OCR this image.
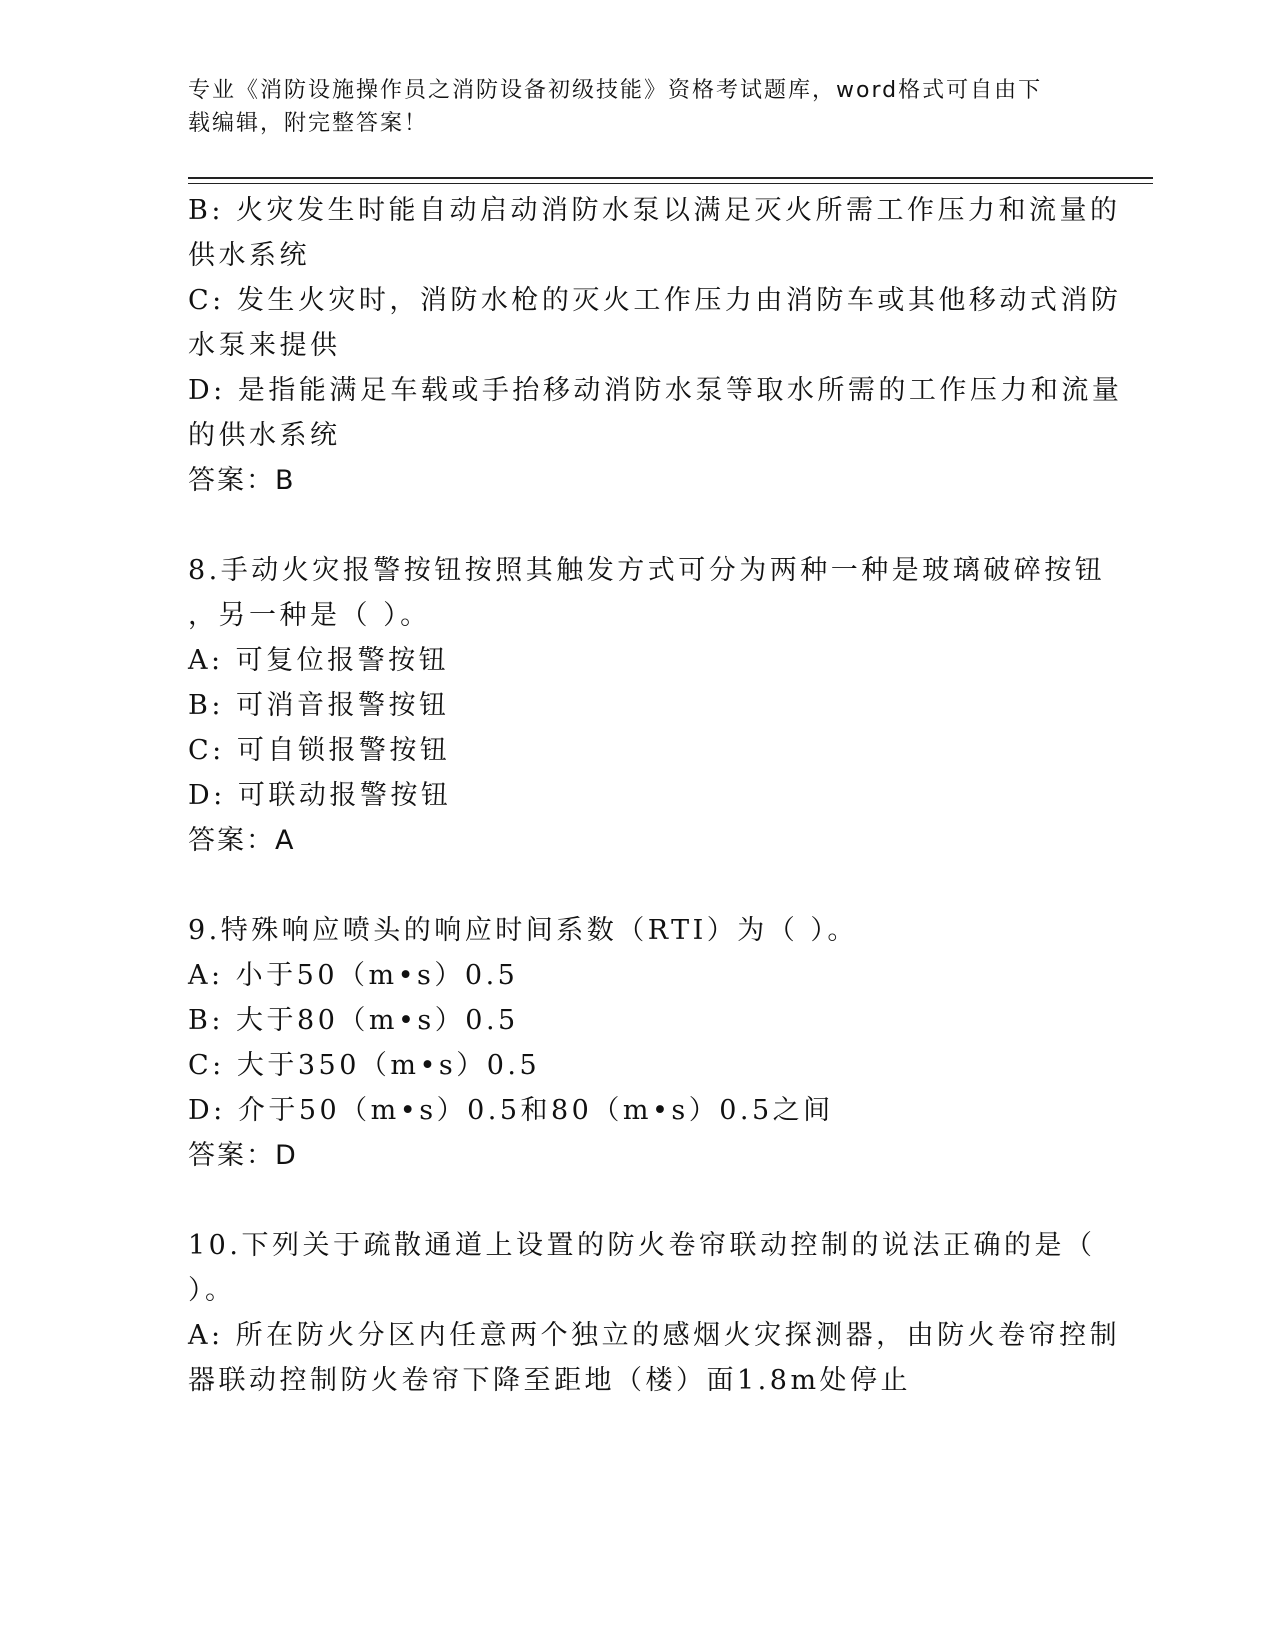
专业《消防设施操作员之消防设备初级技能》资格考试题库，word格式可自由下
载编辑，附完整答案！
B: 火灾发生时能自动启动消防水泵以满足灭火所需工作压力和流量的
供水系统
C: 发生火灾时，消防水枪的灭火工作压力由消防车或其他移动式消防
水泵来提供
D: 是指能满足车载或手抬移动消防水泵等取水所需的工作压力和流量
的供水系统
答案：B
8.手动火灾报警按钮按照其触发方式可分为两种一种是玻璃破碎按钮
，另一种是（ ）。
A: 可复位报警按钮
B: 可消音报警按钮
C: 可自锁报警按钮
D: 可联动报警按钮
答案：A
9.特殊响应喷头的响应时间系数（RTI）为（ ）。
A: 小于50（m•s）0.5
B: 大于80（m•s）0.5
C: 大于350（m•s）0.5
D: 介于50（m•s）0.5和80（m•s）0.5之间
答案：D
10.下列关于疏散通道上设置的防火卷帘联动控制的说法正确的是（
）。
A: 所在防火分区内任意两个独立的感烟火灾探测器，由防火卷帘控制
器联动控制防火卷帘下降至距地（楼）面1.8m处停止
